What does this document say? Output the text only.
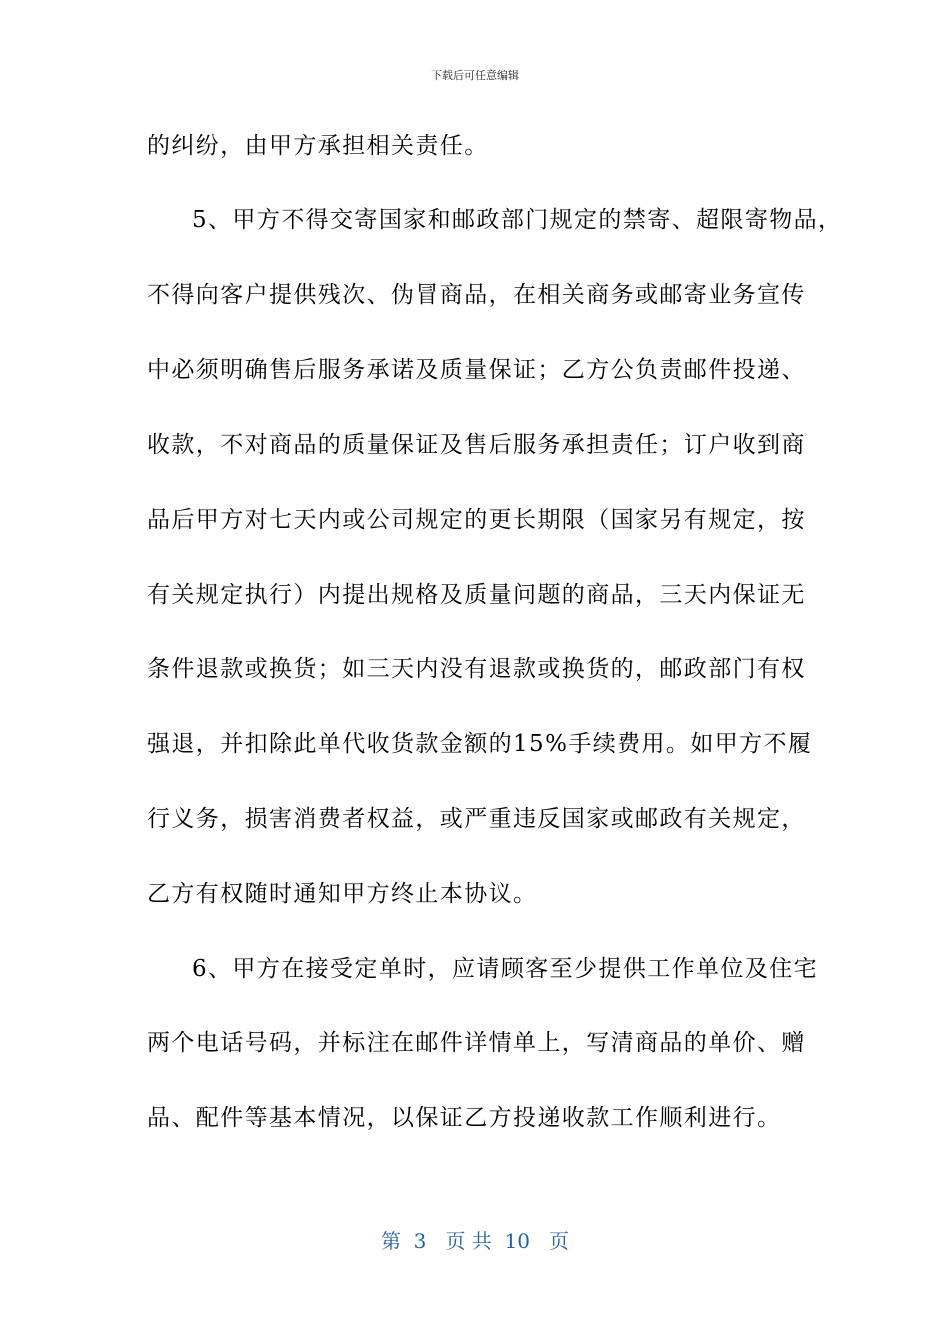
下载后可任意编辑
的纠纷，由甲方承担相关责任。
5、甲方不得交寄国家和邮政部门规定的禁寄、超限寄物品，
不得向客户提供残次、伪冒商品，在相关商务或邮寄业务宣传
中必须明确售后服务承诺及质量保证；乙方公负责邮件投递、
收款，不对商品的质量保证及售后服务承担责任；订户收到商
品后甲方对七天内或公司规定的更长期限（国家另有规定，按
有关规定执行）内提出规格及质量问题的商品，三天内保证无
条件退款或换货；如三天内没有退款或换货的，邮政部门有权
强退，并扣除此单代收货款金额的15%手续费用。如甲方不履
行义务，损害消费者权益，或严重违反国家或邮政有关规定，
乙方有权随时通知甲方终止本协议。
6、甲方在接受定单时，应请顾客至少提供工作单位及住宅
两个电话号码，并标注在邮件详情单上，写清商品的单价、赠
品、配件等基本情况，以保证乙方投递收款工作顺利进行。
第  3   页 共  10   页
